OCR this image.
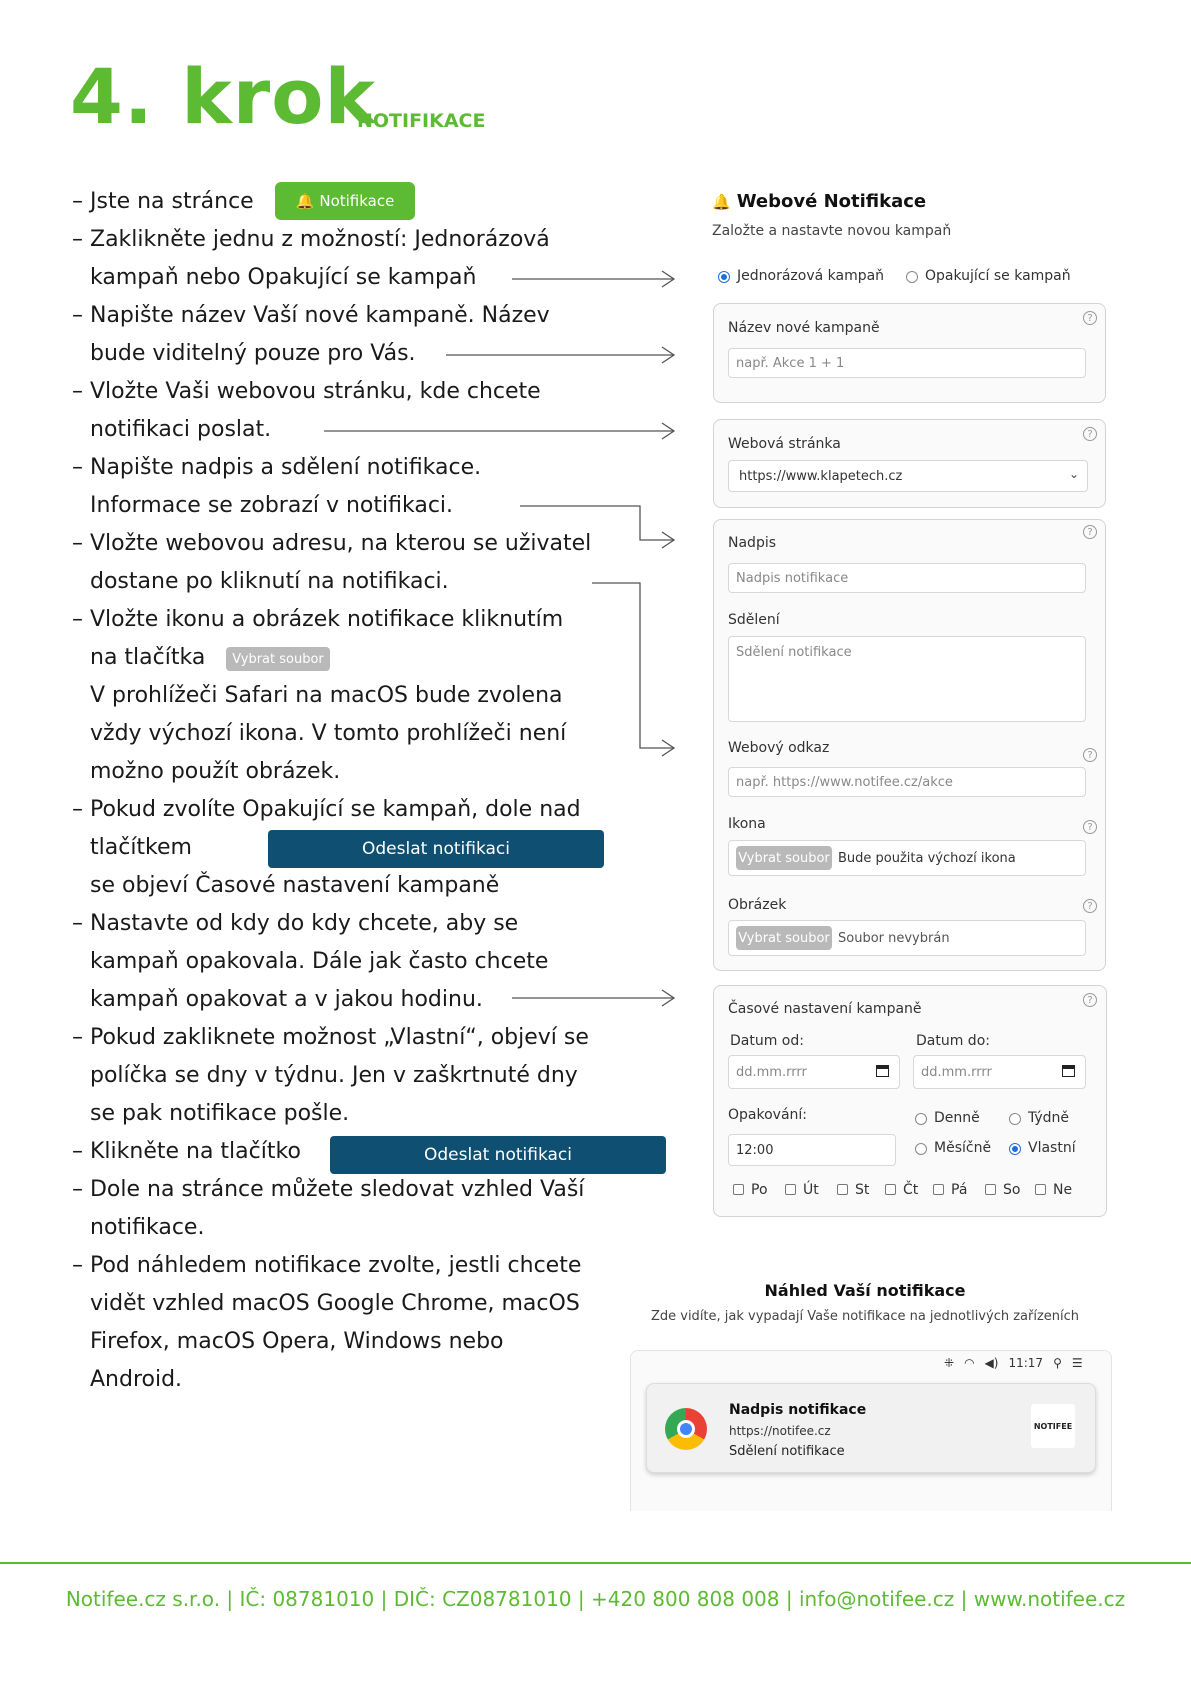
4. krok
NOTIFIKACE
– Jste na stránce
– Zaklikněte jednu z možností: Jednorázová
kampaň nebo Opakující se kampaň
– Napište název Vaší nové kampaně. Název
bude viditelný pouze pro Vás.
– Vložte Vaši webovou stránku, kde chcete
notifikaci poslat.
– Napište nadpis a sdělení notifikace.
Informace se zobrazí v notifikaci.
– Vložte webovou adresu, na kterou se uživatel
dostane po kliknutí na notifikaci.
– Vložte ikonu a obrázek notifikace kliknutím
na tlačítka
V prohlížeči Safari na macOS bude zvolena
vždy výchozí ikona. V tomto prohlížeči není
možno použít obrázek.
– Pokud zvolíte Opakující se kampaň, dole nad
tlačítkem
se objeví Časové nastavení kampaně
– Nastavte od kdy do kdy chcete, aby se
kampaň opakovala. Dále jak často chcete
kampaň opakovat a v jakou hodinu.
– Pokud zakliknete možnost „Vlastní“, objeví se
políčka se dny v týdnu. Jen v zaškrtnuté dny
se pak notifikace pošle.
– Klikněte na tlačítko
– Dole na stránce můžete sledovat vzhled Vaší
notifikace.
– Pod náhledem notifikace zvolte, jestli chcete
vidět vzhled macOS Google Chrome, macOS
Firefox, macOS Opera, Windows nebo
Android.
🔔 Notifikace
Vybrat soubor
Odeslat notifikaci
Odeslat notifikaci
🔔 Webové Notifikace
Založte a nastavte novou kampaň
Jednorázová kampaň	Opakující se kampaň
Název nové kampaně
?
např. Akce 1 + 1
Webová stránka
?
https://www.klapetech.cz	⌄
Nadpis
?
Nadpis notifikace
Sdělení
Sdělení notifikace
Webový odkaz	?
např. https://www.notifee.cz/akce
Ikona	?
Vybrat soubor Bude použita výchozí ikona
Obrázek	?
Vybrat soubor Soubor nevybrán
Časové nastavení kampaně
?
Datum od:	Datum do:
dd.mm.rrrr	dd.mm.rrrr
Opakování:
12:00
Denně	Týdně
Měsíčně	Vlastní
Po	Út	St Čt Pá	So Ne
Náhled Vaší notifikace
Zde vidíte, jak vypadají Vaše notifikace na jednotlivých zařízeních
⁜ ◠ ◀) 11:17 ⚲ ☰
Nadpis notifikace
https://notifee.cz
Sdělení notifikace
NOTIFEE
Notifee.cz s.r.o. | IČ: 08781010 | DIČ: CZ08781010 | +420 800 808 008 | info@notifee.cz | www.notifee.cz
